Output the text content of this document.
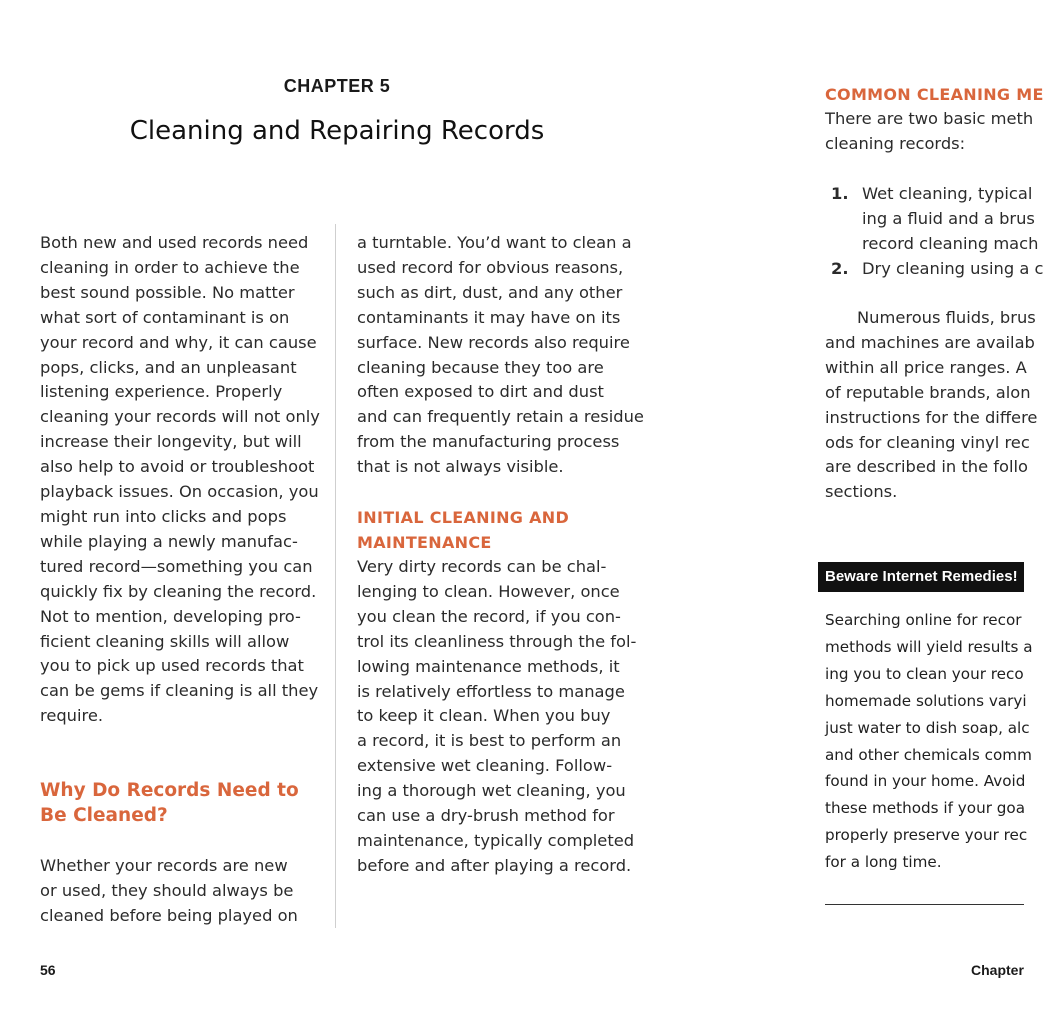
CHAPTER 5
Cleaning and Repairing Records
Both new and used records need
cleaning in order to achieve the
best sound possible. No matter
what sort of contaminant is on
your record and why, it can cause
pops, clicks, and an unpleasant
listening experience. Properly
cleaning your records will not only
increase their longevity, but will
also help to avoid or troubleshoot
playback issues. On occasion, you
might run into clicks and pops
while playing a newly manufac-
tured record—something you can
quickly fix by cleaning the record.
Not to mention, developing pro-
ficient cleaning skills will allow
you to pick up used records that
can be gems if cleaning is all they
require.
Why Do Records Need to
Be Cleaned?
Whether your records are new
or used, they should always be
cleaned before being played on
a turntable. You’d want to clean a
used record for obvious reasons,
such as dirt, dust, and any other
contaminants it may have on its
surface. New records also require
cleaning because they too are
often exposed to dirt and dust
and can frequently retain a residue
from the manufacturing process
that is not always visible.
INITIAL CLEANING AND
MAINTENANCE
Very dirty records can be chal-
lenging to clean. However, once
you clean the record, if you con-
trol its cleanliness through the fol-
lowing maintenance methods, it
is relatively effortless to manage
to keep it clean. When you buy
a record, it is best to perform an
extensive wet cleaning. Follow-
ing a thorough wet cleaning, you
can use a dry-brush method for
maintenance, typically completed
before and after playing a record.
56
COMMON CLEANING ME
There are two basic meth
cleaning records:
1. Wet cleaning, typical
ing a fluid and a brus
record cleaning mach
2. Dry cleaning using a c
Numerous fluids, brus
and machines are availab
within all price ranges. A
of reputable brands, alon
instructions for the differe
ods for cleaning vinyl rec
are described in the follo
sections.
Beware Internet Remedies!
Searching online for recor
methods will yield results a
ing you to clean your reco
homemade solutions varyi
just water to dish soap, alc
and other chemicals comm
found in your home. Avoid
these methods if your goa
properly preserve your rec
for a long time.
Chapter
